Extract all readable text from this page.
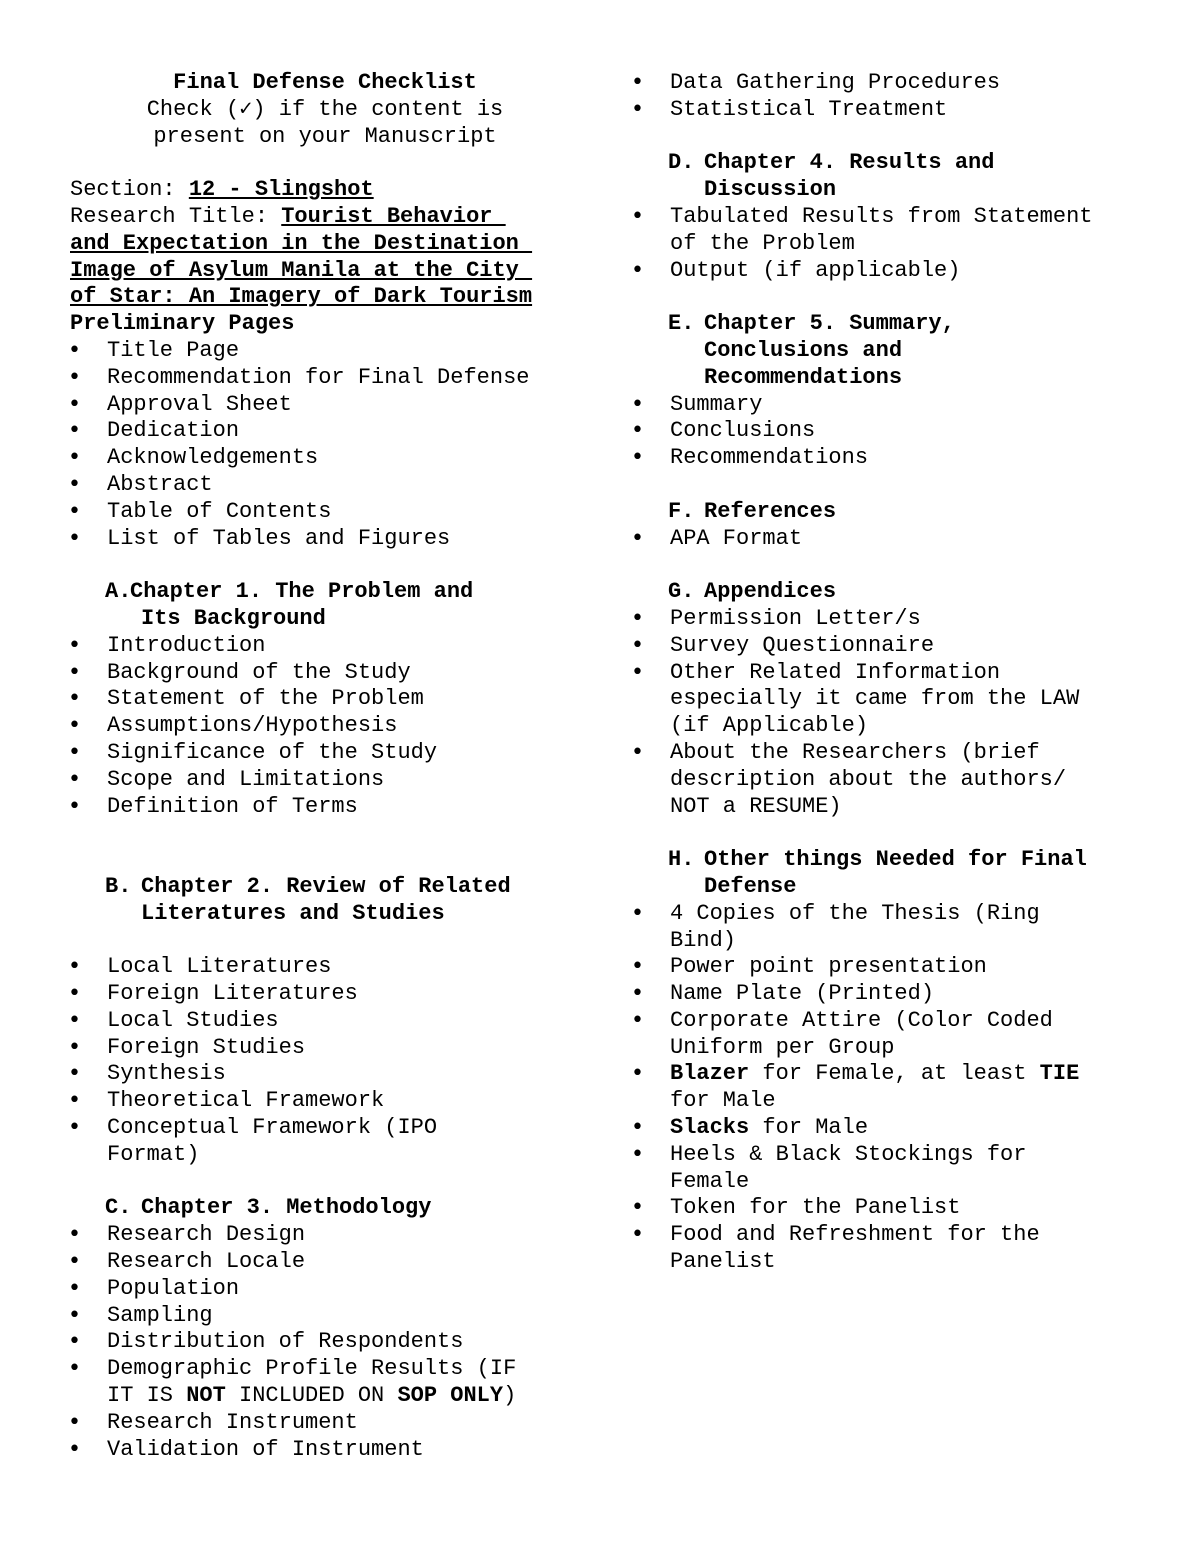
Final Defense Checklist
Check (✓) if the content is
present on your Manuscript
Section: 12 - Slingshot
Research Title: Tourist Behavior
and Expectation in the Destination
Image of Asylum Manila at the City
of Star: An Imagery of Dark Tourism
Preliminary Pages
• Title Page
• Recommendation for Final Defense
• Approval Sheet
• Dedication
• Acknowledgements
• Abstract
• Table of Contents
• List of Tables and Figures
A.
Chapter 1. The Problem and
Its Background
• Introduction
• Background of the Study
• Statement of the Problem
• Assumptions/Hypothesis
• Significance of the Study
• Scope and Limitations
• Definition of Terms
B. Chapter 2. Review of Related
Literatures and Studies
• Local Literatures
• Foreign Literatures
• Local Studies
• Foreign Studies
• Synthesis
• Theoretical Framework
• Conceptual Framework (IPO
Format)
C. Chapter 3. Methodology
• Research Design
• Research Locale
• Population
• Sampling
• Distribution of Respondents
• Demographic Profile Results (IF
IT IS NOT INCLUDED ON SOP ONLY)
• Research Instrument
• Validation of Instrument
• Data Gathering Procedures
• Statistical Treatment
D. Chapter 4. Results and
Discussion
• Tabulated Results from Statement
of the Problem
• Output (if applicable)
E. Chapter 5. Summary,
Conclusions and
Recommendations
• Summary
• Conclusions
• Recommendations
F. References
• APA Format
G. Appendices
• Permission Letter/s
• Survey Questionnaire
• Other Related Information
especially it came from the LAW
(if Applicable)
• About the Researchers (brief
description about the authors/
NOT a RESUME)
H. Other things Needed for Final
Defense
• 4 Copies of the Thesis (Ring
Bind)
• Power point presentation
• Name Plate (Printed)
• Corporate Attire (Color Coded
Uniform per Group
• Blazer for Female, at least TIE
for Male
• Slacks for Male
• Heels & Black Stockings for
Female
• Token for the Panelist
• Food and Refreshment for the
Panelist
